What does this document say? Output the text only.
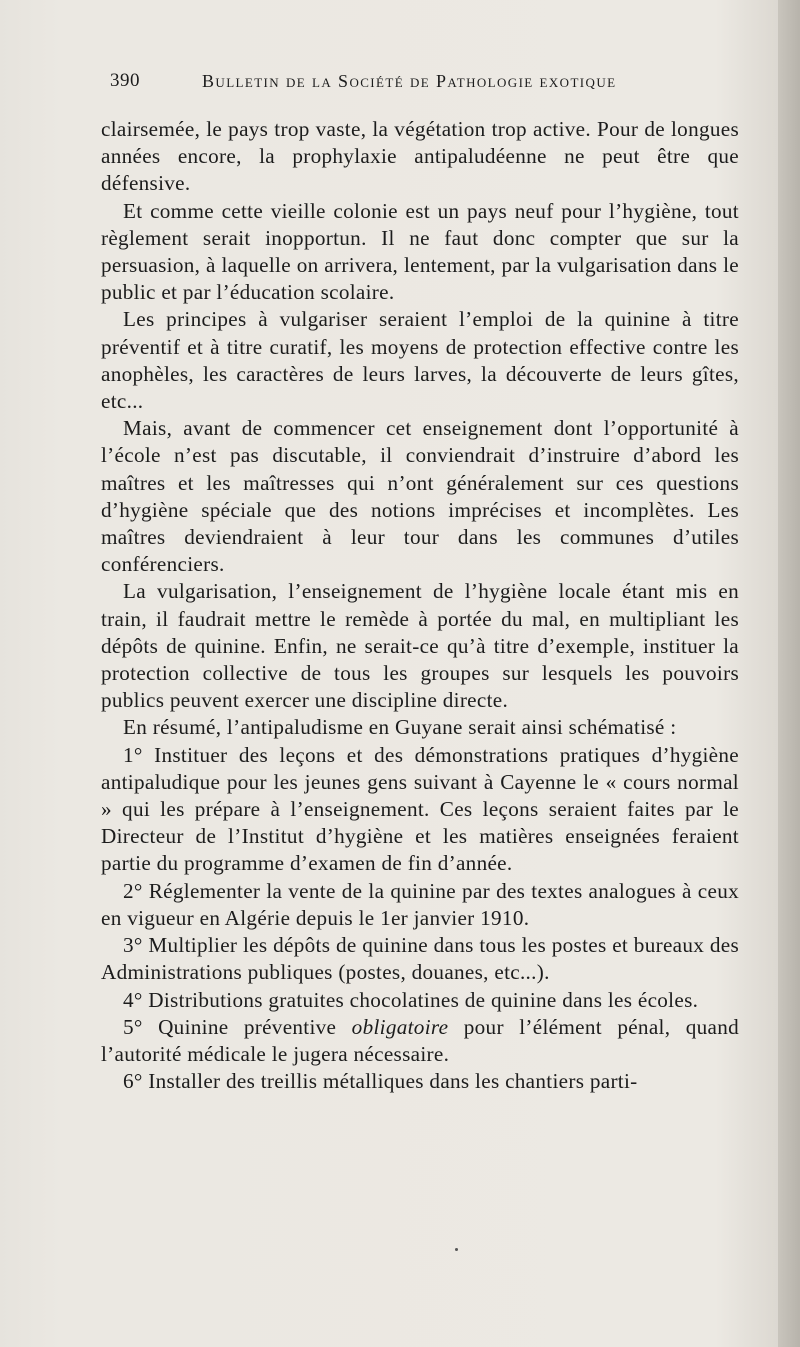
390	Bulletin de la Société de Pathologie exotique

clairsemée, le pays trop vaste, la végétation trop active. Pour de longues années encore, la prophylaxie antipaludéenne ne peut être que défensive.

Et comme cette vieille colonie est un pays neuf pour l’hygiène, tout règlement serait inopportun. Il ne faut donc compter que sur la persuasion, à laquelle on arrivera, lentement, par la vulgarisation dans le public et par l’éducation scolaire.

Les principes à vulgariser seraient l’emploi de la quinine à titre préventif et à titre curatif, les moyens de protection effective contre les anophèles, les caractères de leurs larves, la découverte de leurs gîtes, etc...

Mais, avant de commencer cet enseignement dont l’opportunité à l’école n’est pas discutable, il conviendrait d’instruire d’abord les maîtres et les maîtresses qui n’ont généralement sur ces questions d’hygiène spéciale que des notions imprécises et incomplètes. Les maîtres deviendraient à leur tour dans les communes d’utiles conférenciers.

La vulgarisation, l’enseignement de l’hygiène locale étant mis en train, il faudrait mettre le remède à portée du mal, en multipliant les dépôts de quinine. Enfin, ne serait-ce qu’à titre d’exemple, instituer la protection collective de tous les groupes sur lesquels les pouvoirs publics peuvent exercer une discipline directe.

En résumé, l’antipaludisme en Guyane serait ainsi schématisé :

1° Instituer des leçons et des démonstrations pratiques d’hygiène antipaludique pour les jeunes gens suivant à Cayenne le « cours normal » qui les prépare à l’enseignement. Ces leçons seraient faites par le Directeur de l’Institut d’hygiène et les matières enseignées feraient partie du programme d’examen de fin d’année.

2° Réglementer la vente de la quinine par des textes analogues à ceux en vigueur en Algérie depuis le 1er janvier 1910.

3° Multiplier les dépôts de quinine dans tous les postes et bureaux des Administrations publiques (postes, douanes, etc...).

4° Distributions gratuites chocolatines de quinine dans les écoles.

5° Quinine préventive obligatoire pour l’élément pénal, quand l’autorité médicale le jugera nécessaire.

6° Installer des treillis métalliques dans les chantiers parti-
